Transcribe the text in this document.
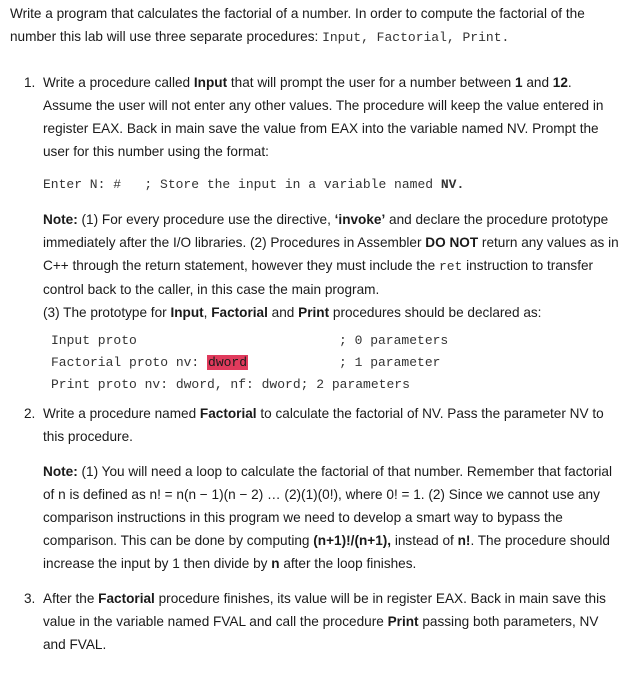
Write a program that calculates the factorial of a number. In order to compute the factorial of the number this lab will use three separate procedures: Input, Factorial, Print.

1. Write a procedure called Input that will prompt the user for a number between 1 and 12. Assume the user will not enter any other values. The procedure will keep the value entered in register EAX. Back in main save the value from EAX into the variable named NV. Prompt the user for this number using the format:

Enter N: #   ; Store the input in a variable named NV.

Note: (1) For every procedure use the directive, ‘invoke’ and declare the procedure prototype immediately after the I/O libraries. (2) Procedures in Assembler DO NOT return any values as in C++ through the return statement, however they must include the ret instruction to transfer control back to the caller, in this case the main program.
(3) The prototype for Input, Factorial and Print procedures should be declared as:

Input proto	; 0 parameters
Factorial proto nv: dword	; 1 parameter
Print proto nv: dword, nf: dword; 2 parameters
2. Write a procedure named Factorial to calculate the factorial of NV. Pass the parameter NV to this procedure.

Note: (1) You will need a loop to calculate the factorial of that number. Remember that factorial of n is defined as n! = n(n − 1)(n − 2) … (2)(1)(0!), where 0! = 1. (2) Since we cannot use any comparison instructions in this program we need to develop a smart way to bypass the comparison. This can be done by computing (n+1)!/(n+1), instead of n!. The procedure should increase the input by 1 then divide by n after the loop finishes.

3. After the Factorial procedure finishes, its value will be in register EAX. Back in main save this value in the variable named FVAL and call the procedure Print passing both parameters, NV and FVAL.
